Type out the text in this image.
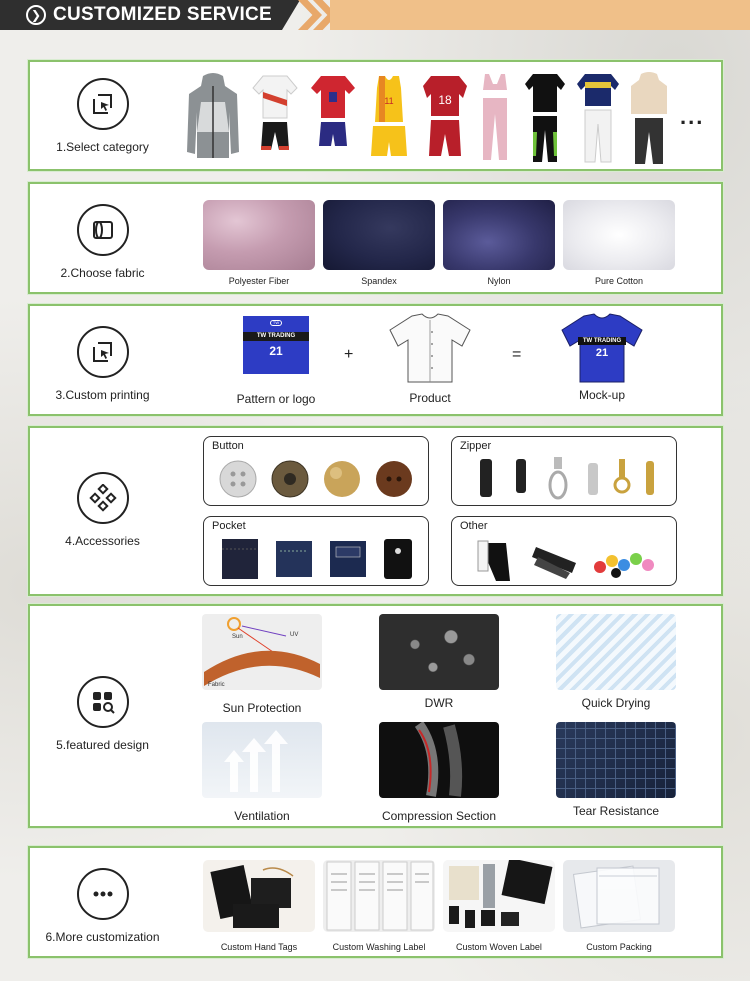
❯ CUSTOMIZED SERVICE
1.Select category
11	18
...
2.Choose fabric
Polyester Fiber	Spandex	Nylon	Pure Cotton
3.Custom printing
TW
TW TRADING
21
Pattern or logo
+
Product
=
TW TRADING
21
Mock-up
4.Accessories
Button	Zipper
Pocket	Other
5.featured design
Sun	UV
Fabric
Sun Protection	DWR	Quick Drying
Ventilation	Compression Section	Tear Resistance
6.More customization
Custom Hand Tags	Custom Washing Label	Custom Woven Label	Custom Packing
